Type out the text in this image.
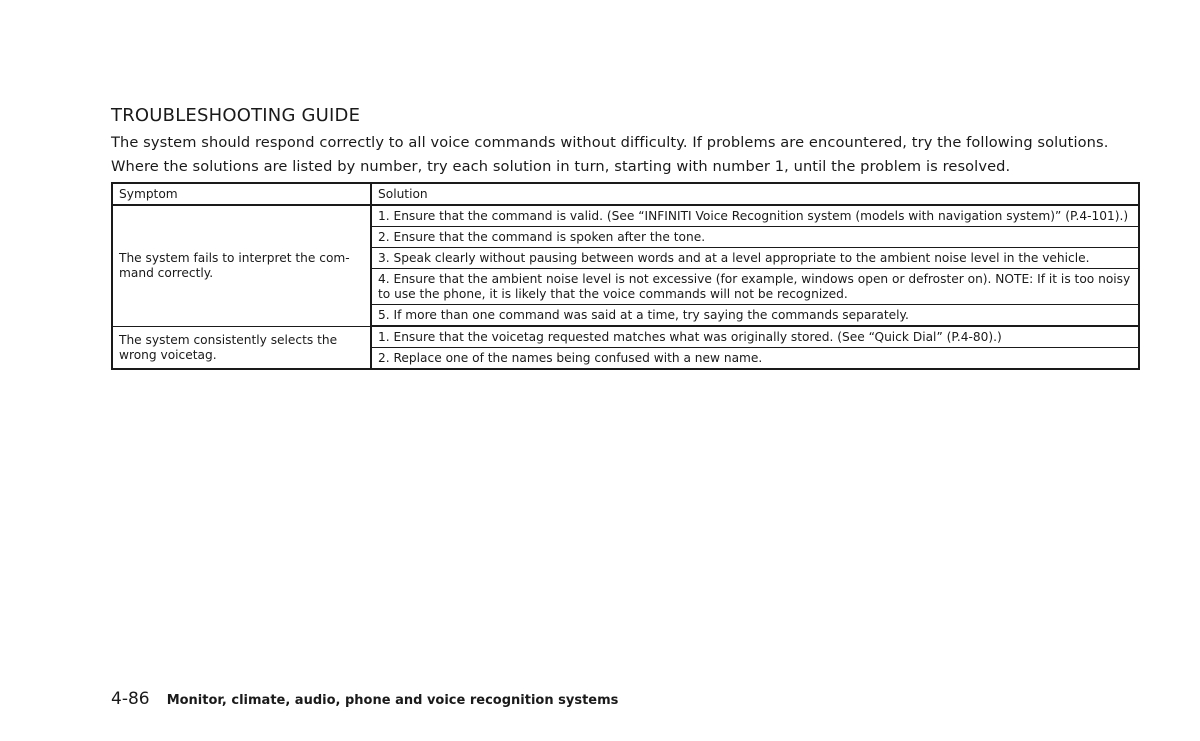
TROUBLESHOOTING GUIDE

The system should respond correctly to all voice commands without difficulty. If problems are encountered, try the following solutions.

Where the solutions are listed by number, try each solution in turn, starting with number 1, until the problem is resolved.

Symptom	Solution
The system fails to interpret the com- mand correctly.	1. Ensure that the command is valid. (See “INFINITI Voice Recognition system (models with navigation system)” (P.4-101).)
	2. Ensure that the command is spoken after the tone.
	3. Speak clearly without pausing between words and at a level appropriate to the ambient noise level in the vehicle.
	4. Ensure that the ambient noise level is not excessive (for example, windows open or defroster on). NOTE: If it is too noisy to use the phone, it is likely that the voice commands will not be recognized.
	5. If more than one command was said at a time, try saying the commands separately.
The system consistently selects the wrong voicetag.	1. Ensure that the voicetag requested matches what was originally stored. (See “Quick Dial” (P.4-80).)
	2. Replace one of the names being confused with a new name.
4-86 Monitor, climate, audio, phone and voice recognition systems
